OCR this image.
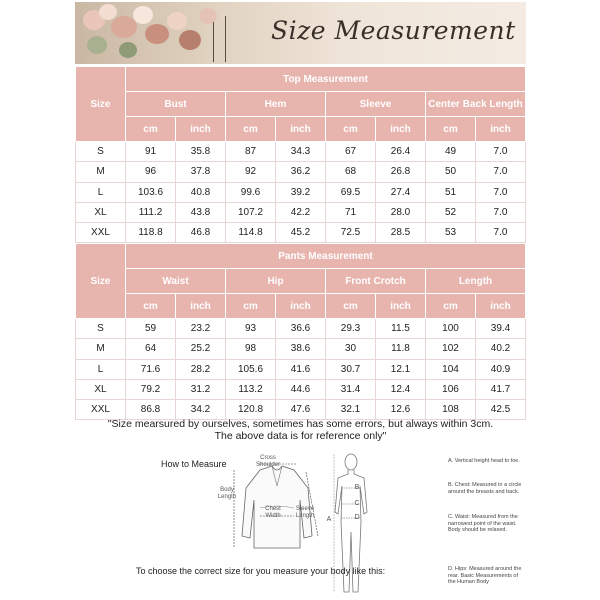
Size Measurement
Size	Top Measurement							
	Bust		Hem		Sleeve		Center Back Length	
	cm	inch	cm	inch	cm	inch	cm	inch
S	91	35.8	87	34.3	67	26.4	49	7.0
M	96	37.8	92	36.2	68	26.8	50	7.0
L	103.6	40.8	99.6	39.2	69.5	27.4	51	7.0
XL	111.2	43.8	107.2	42.2	71	28.0	52	7.0
XXL	118.8	46.8	114.8	45.2	72.5	28.5	53	7.0
Size	Pants Measurement							
	Waist		Hip		Front Crotch		Length	
	cm	inch	cm	inch	cm	inch	cm	inch
S	59	23.2	93	36.6	29.3	11.5	100	39.4
M	64	25.2	98	38.6	30	11.8	102	40.2
L	71.6	28.2	105.6	41.6	30.7	12.1	104	40.9
XL	79.2	31.2	113.2	44.6	31.4	12.4	106	41.7
XXL	86.8	34.2	120.8	47.6	32.1	12.6	108	42.5
"Size mearsured by ourselves, sometimes has some errors, but always within 3cm.
The above data is for reference only"
How to Measure
Cross Shoulder
Body Length
Chest Width
Sleeve Length	A
B
C
D
A. Vertical height head to toe.
B. Chest: Measured in a circle around the breasts and back.
C. Waist: Measured from the narrowest point of the waist. Body should be relaxed.
D. Hips: Measured around the rear. Basic Measurements of the Human Body
To choose the correct size for you measure your body like this:
